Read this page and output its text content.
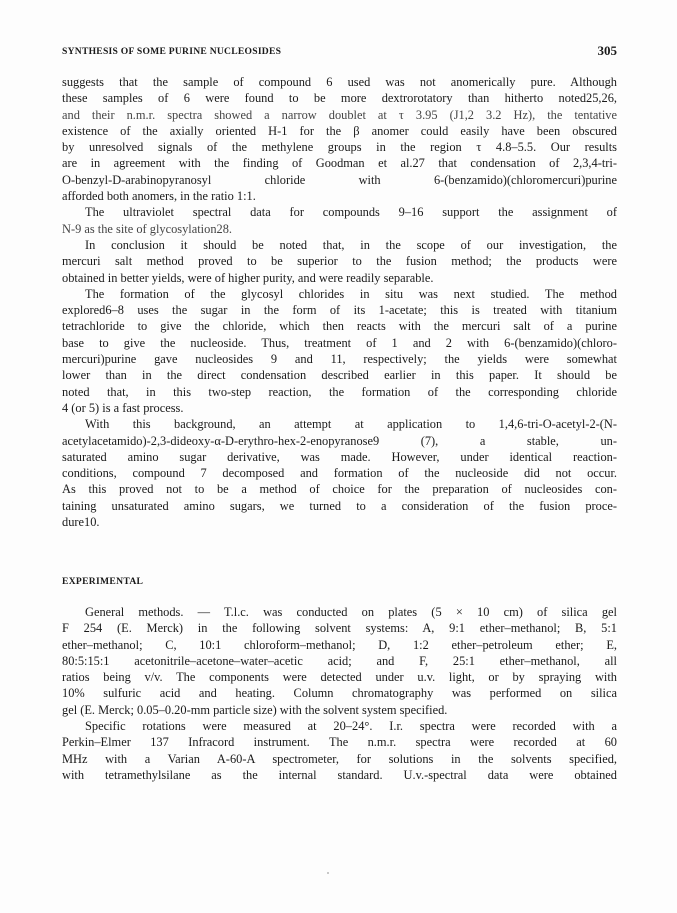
SYNTHESIS OF SOME PURINE NUCLEOSIDES	305

suggests that the sample of compound 6 used was not anomerically pure. Although
these samples of 6 were found to be more dextrorotatory than hitherto noted25,26,
and their n.m.r. spectra showed a narrow doublet at τ 3.95 (J1,2 3.2 Hz), the tentative
existence of the axially oriented H-1 for the β anomer could easily have been obscured
by unresolved signals of the methylene groups in the region τ 4.8–5.5. Our results
are in agreement with the finding of Goodman et al.27 that condensation of 2,3,4-tri-
O-benzyl-D-arabinopyranosyl chloride with 6-(benzamido)(chloromercuri)purine
afforded both anomers, in the ratio 1:1.

The ultraviolet spectral data for compounds 9–16 support the assignment of
N-9 as the site of glycosylation28.

In conclusion it should be noted that, in the scope of our investigation, the
mercuri salt method proved to be superior to the fusion method; the products were
obtained in better yields, were of higher purity, and were readily separable.

The formation of the glycosyl chlorides in situ was next studied. The method
explored6–8 uses the sugar in the form of its 1-acetate; this is treated with titanium
tetrachloride to give the chloride, which then reacts with the mercuri salt of a purine
base to give the nucleoside. Thus, treatment of 1 and 2 with 6-(benzamido)(chloro-
mercuri)purine gave nucleosides 9 and 11, respectively; the yields were somewhat
lower than in the direct condensation described earlier in this paper. It should be
noted that, in this two-step reaction, the formation of the corresponding chloride
4 (or 5) is a fast process.

With this background, an attempt at application to 1,4,6-tri-O-acetyl-2-(N-
acetylacetamido)-2,3-dideoxy-α-D-erythro-hex-2-enopyranose9 (7), a stable, un-
saturated amino sugar derivative, was made. However, under identical reaction-
conditions, compound 7 decomposed and formation of the nucleoside did not occur.
As this proved not to be a method of choice for the preparation of nucleosides con-
taining unsaturated amino sugars, we turned to a consideration of the fusion proce-
dure10.

EXPERIMENTAL

General methods. — T.l.c. was conducted on plates (5 × 10 cm) of silica gel
F 254 (E. Merck) in the following solvent systems: A, 9:1 ether–methanol; B, 5:1
ether–methanol; C, 10:1 chloroform–methanol; D, 1:2 ether–petroleum ether; E,
80:5:15:1 acetonitrile–acetone–water–acetic acid; and F, 25:1 ether–methanol, all
ratios being v/v. The components were detected under u.v. light, or by spraying with
10% sulfuric acid and heating. Column chromatography was performed on silica
gel (E. Merck; 0.05–0.20-mm particle size) with the solvent system specified.

Specific rotations were measured at 20–24°. I.r. spectra were recorded with a
Perkin–Elmer 137 Infracord instrument. The n.m.r. spectra were recorded at 60
MHz with a Varian A-60-A spectrometer, for solutions in the solvents specified,
with tetramethylsilane as the internal standard. U.v.-spectral data were obtained
